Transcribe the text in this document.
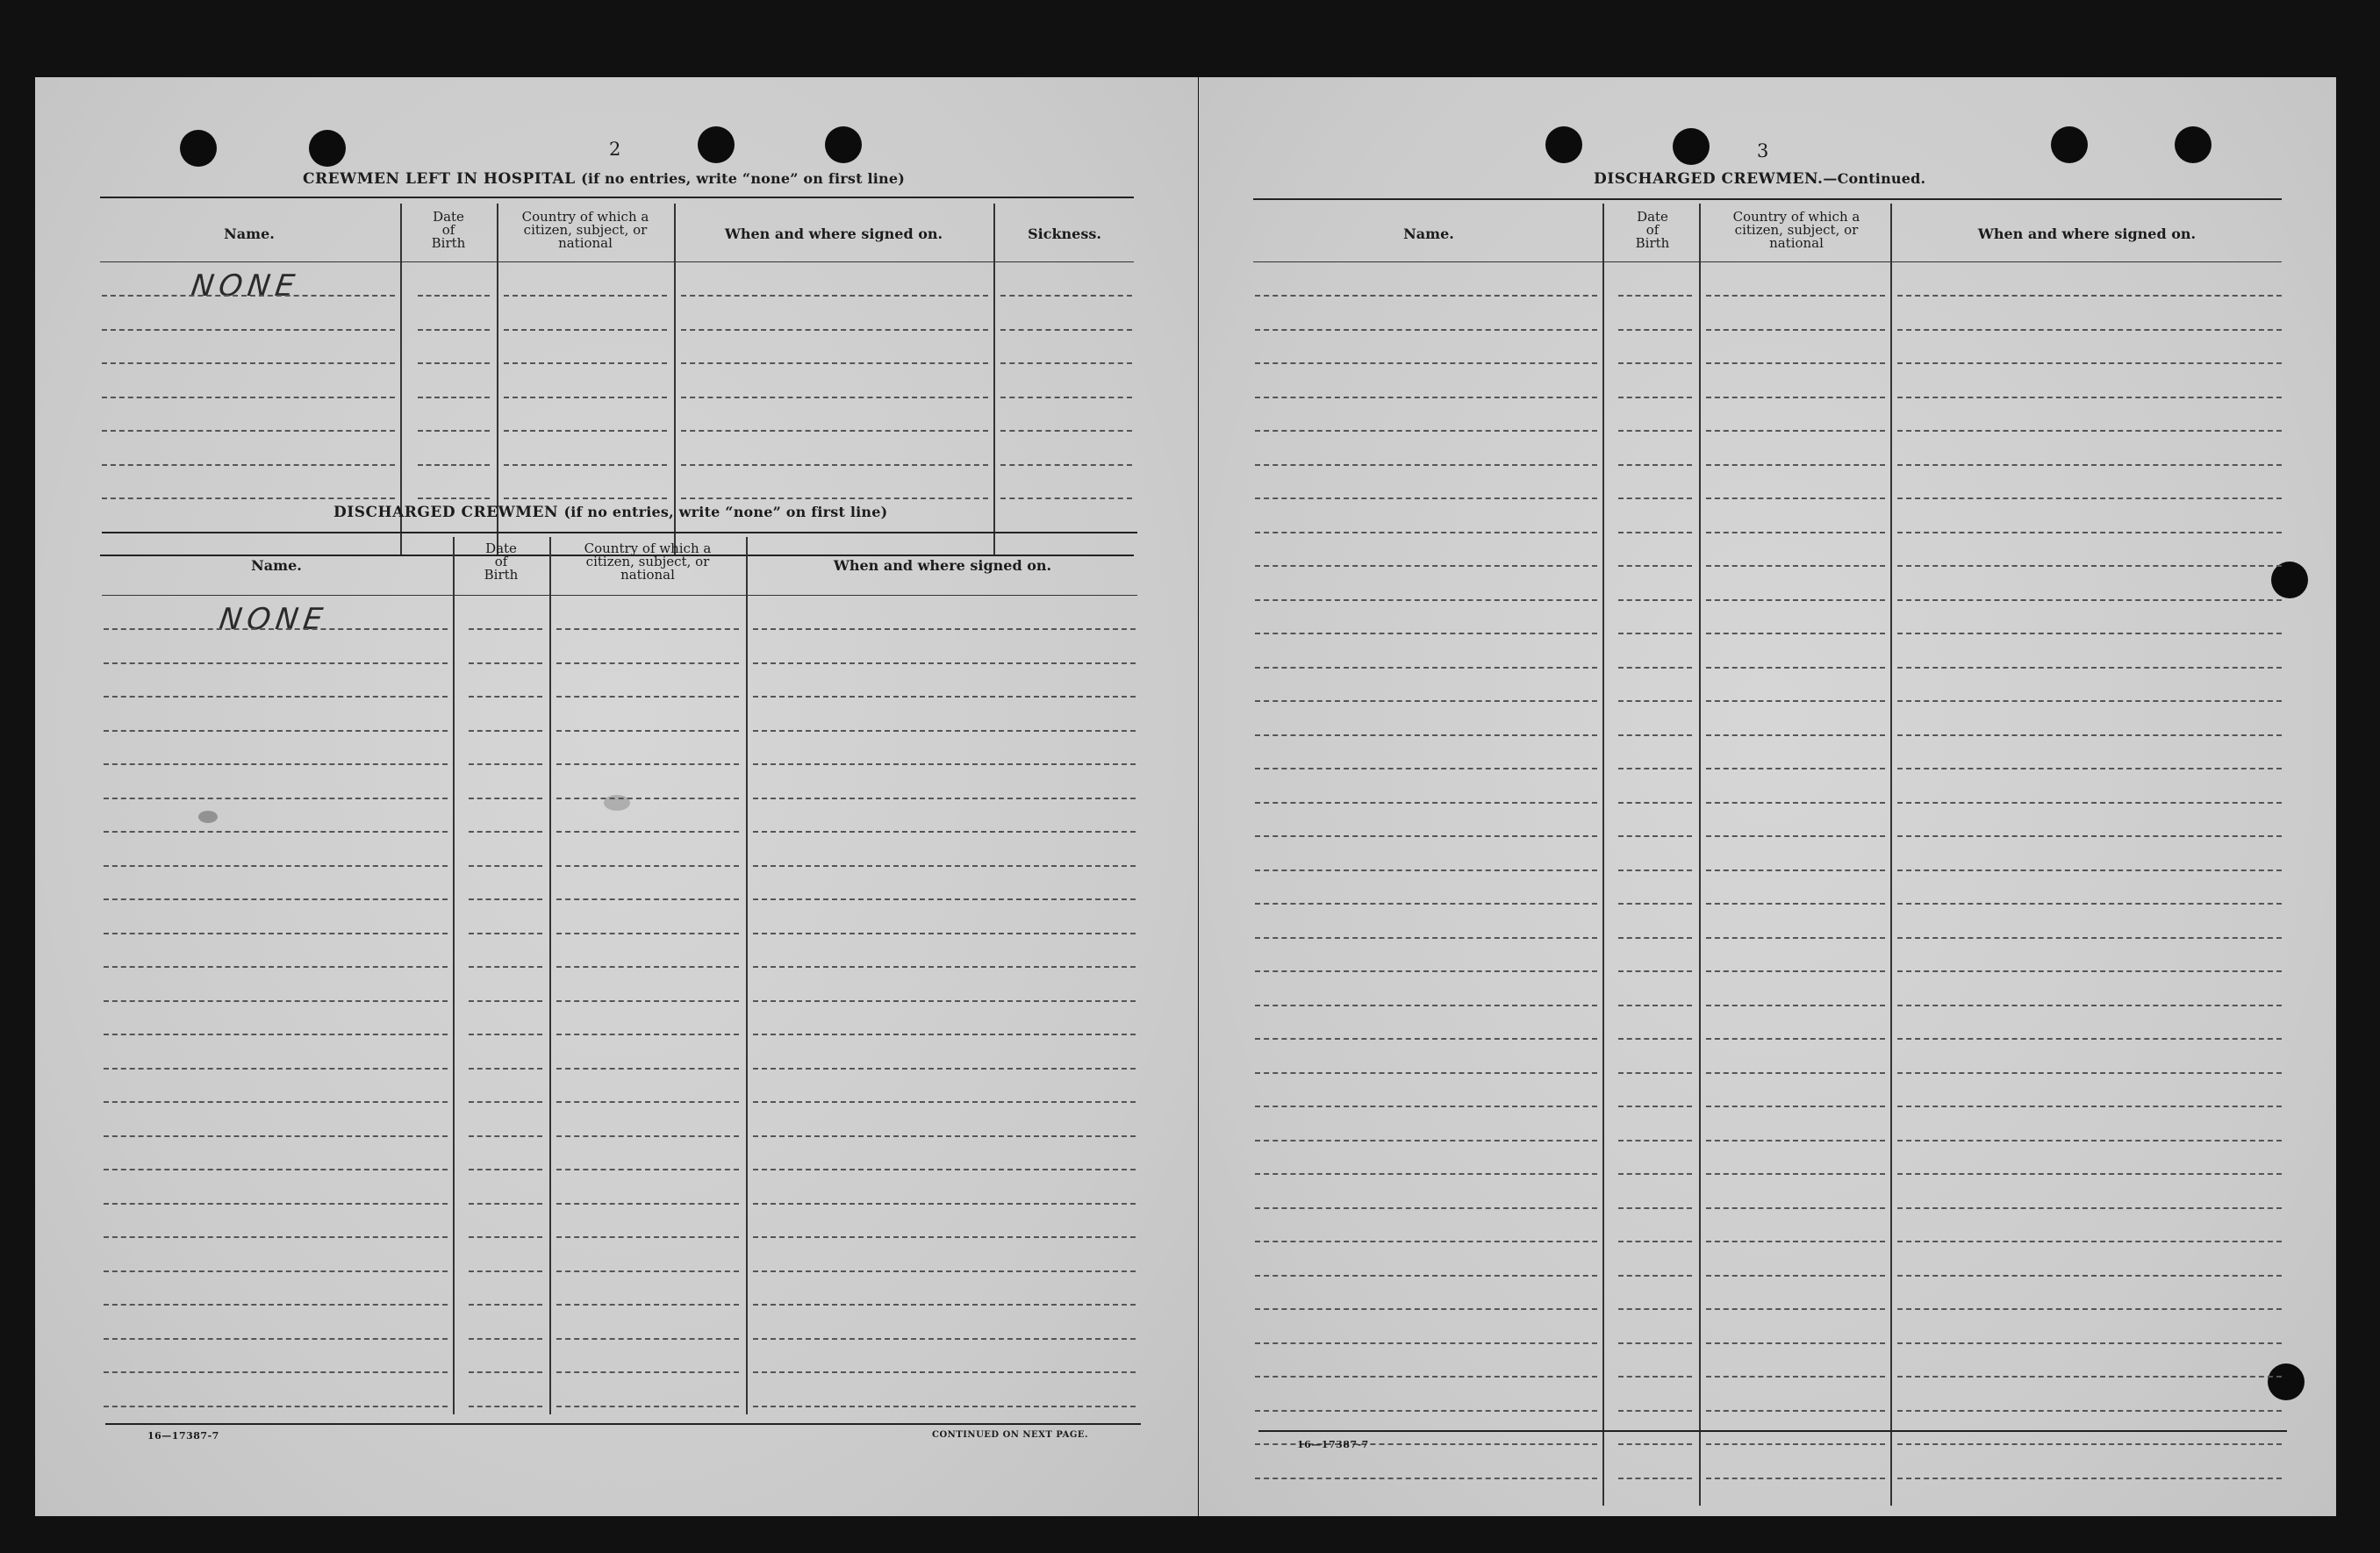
2
CREWMEN LEFT IN HOSPITAL (if no entries, write “none” on first line)
Name.
Date
of
Birth
Country of which a
citizen, subject, or
national
When and where signed on.	Sickness.
NONE
DISCHARGED CREWMEN (if no entries, write “none” on first line)
Name.
Date
of
Birth
Country of which a
citizen, subject, or
national
When and where signed on.
NONE
16—17387-7	CONTINUED ON NEXT PAGE.
3
DISCHARGED CREWMEN.—Continued.
Name.
Date
of
Birth
Country of which a
citizen, subject, or
national
When and where signed on.
16—17387-7
